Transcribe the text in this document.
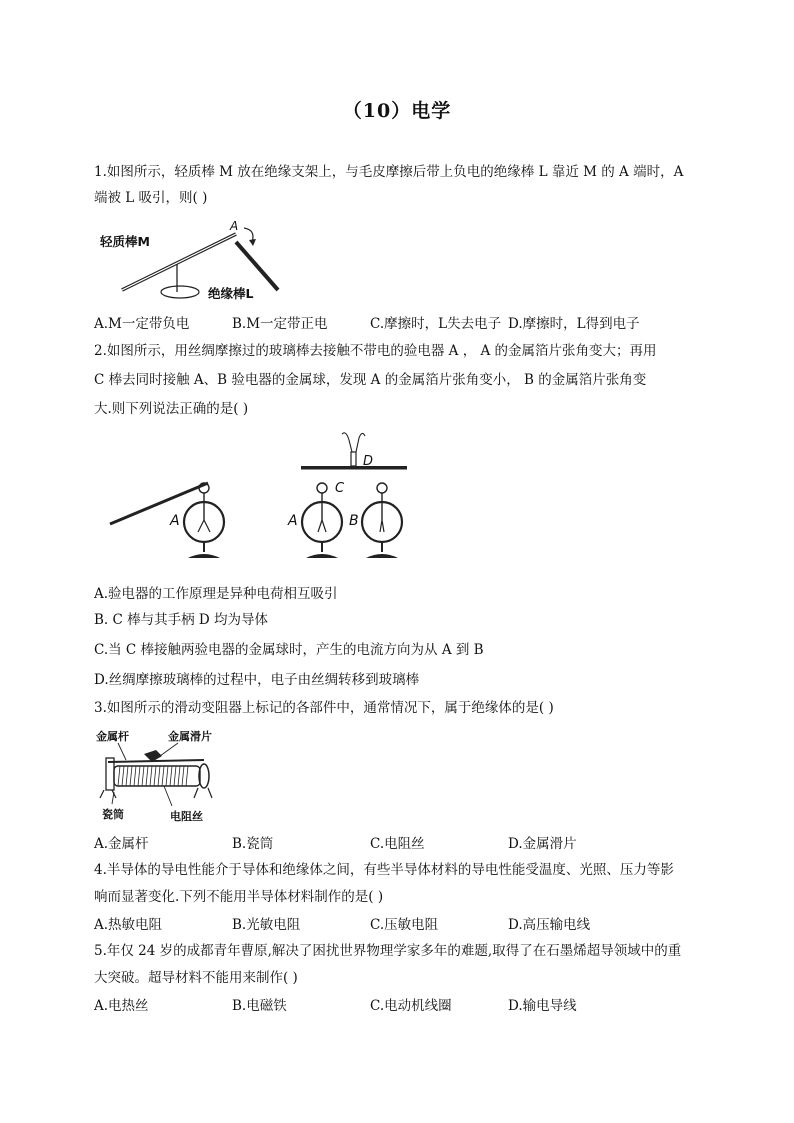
（10）电学
1.如图所示，轻质棒 M 放在绝缘支架上，与毛皮摩擦后带上负电的绝缘棒 L 靠近 M 的 A 端时，A
端被 L 吸引，则( )
轻质棒M
A
绝缘棒L
A.M一定带负电	B.M一定带正电	C.摩擦时，L失去电子 D.摩擦时，L得到电子
2.如图所示，用丝绸摩擦过的玻璃棒去接触不带电的验电器 A ， A 的金属箔片张角变大；再用
C 棒去同时接触 A、B 验电器的金属球，发现 A 的金属箔片张角变小， B 的金属箔片张角变
大.则下列说法正确的是( )
A
D
C
A	B
A.验电器的工作原理是异种电荷相互吸引
B. C 棒与其手柄 D 均为导体
C.当 C 棒接触两验电器的金属球时，产生的电流方向为从 A 到 B
D.丝绸摩擦玻璃棒的过程中，电子由丝绸转移到玻璃棒
3.如图所示的滑动变阻器上标记的各部件中，通常情况下，属于绝缘体的是( )
金属杆	金属滑片
瓷筒	电阻丝
A.金属杆	B.瓷筒	C.电阻丝	D.金属滑片
4.半导体的导电性能介于导体和绝缘体之间，有些半导体材料的导电性能受温度、光照、压力等影
响而显著变化.下列不能用半导体材料制作的是( )
A.热敏电阻	B.光敏电阻	C.压敏电阻	D.高压输电线
5.年仅 24 岁的成都青年曹原,解决了困扰世界物理学家多年的难题,取得了在石墨烯超导领域中的重
大突破。超导材料不能用来制作( )
A.电热丝	B.电磁铁	C.电动机线圈	D.输电导线
